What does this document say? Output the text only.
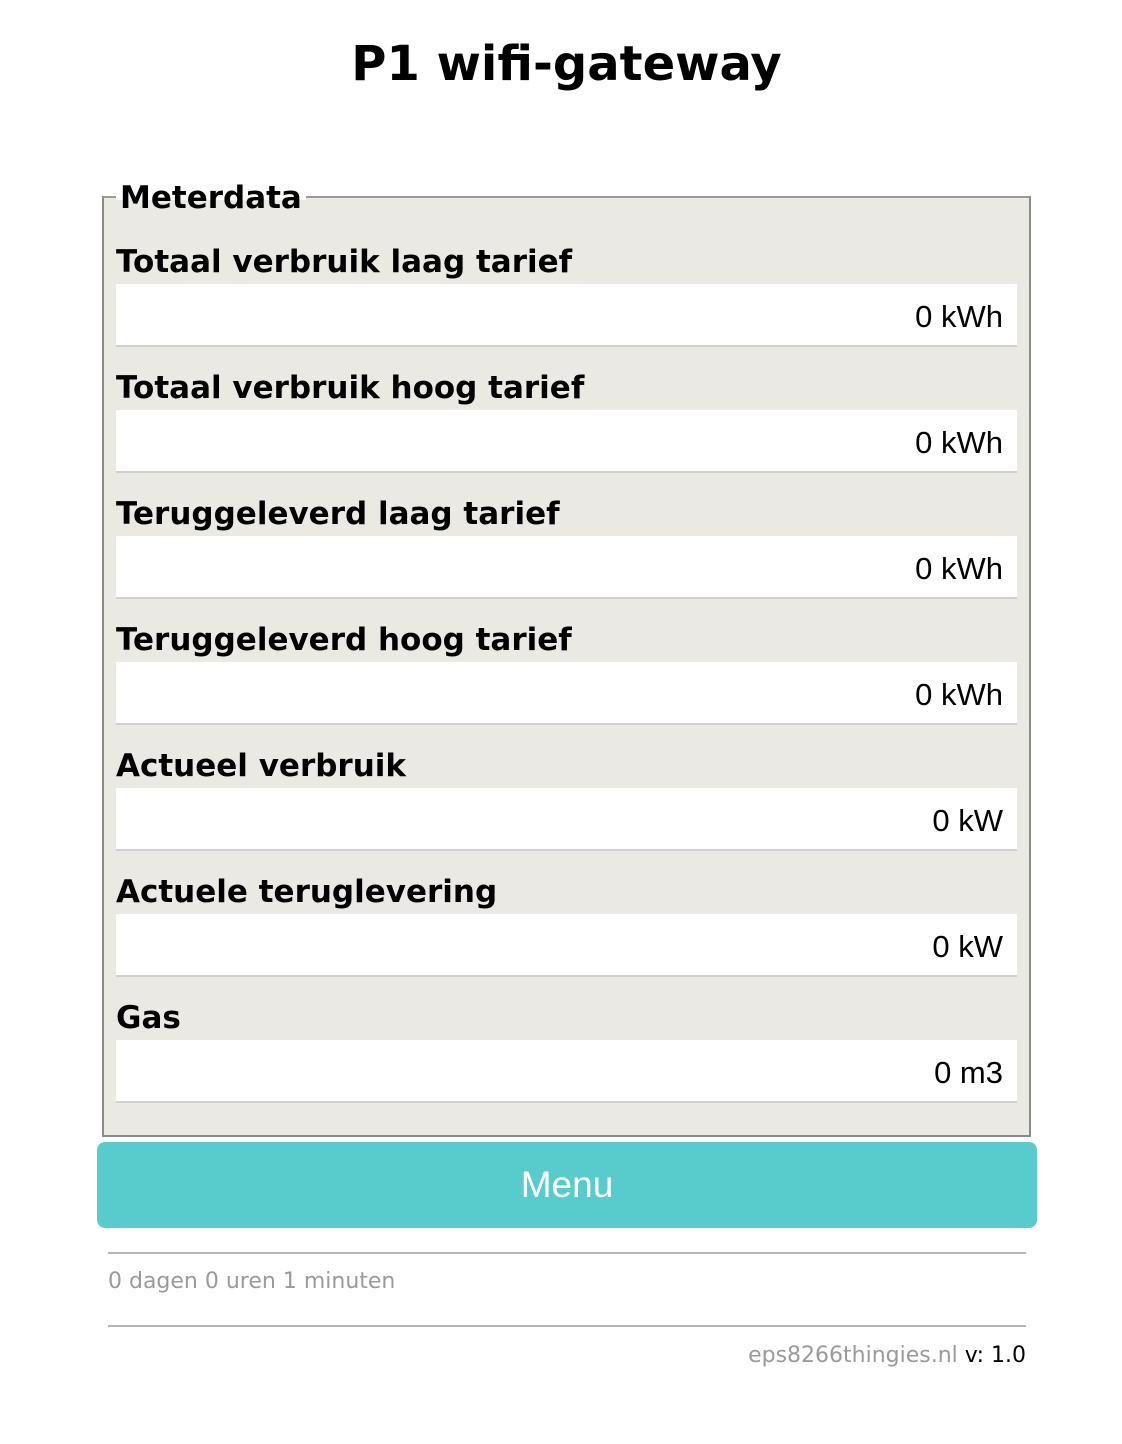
P1 wifi-gateway
Meterdata
Totaal verbruik laag tarief
0 kWh
Totaal verbruik hoog tarief
0 kWh
Teruggeleverd laag tarief
0 kWh
Teruggeleverd hoog tarief
0 kWh
Actueel verbruik
0 kW
Actuele teruglevering
0 kW
Gas
0 m3
Menu
0 dagen 0 uren 1 minuten
eps8266thingies.nl v: 1.0
